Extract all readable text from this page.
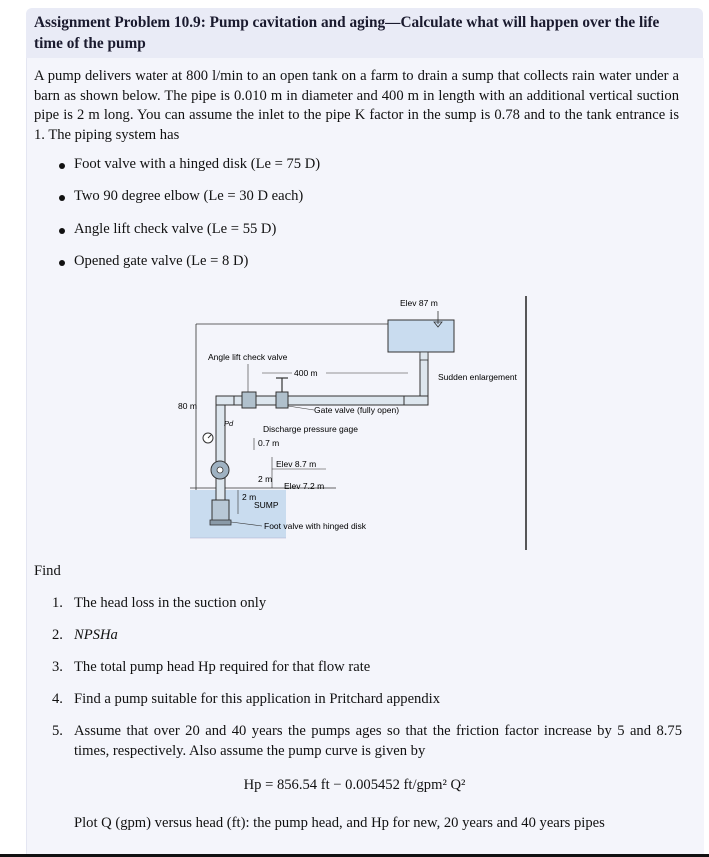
Assignment Problem 10.9: Pump cavitation and aging—Calculate what will happen over the life time of the pump
A pump delivers water at 800 l/min to an open tank on a farm to drain a sump that collects rain water under a barn as shown below. The pipe is 0.010 m in diameter and 400 m in length with an additional vertical suction pipe is 2 m long. You can assume the inlet to the pipe K factor in the sump is 0.78 and to the tank entrance is 1. The piping system has
Foot valve with a hinged disk (Le = 75 D)
Two 90 degree elbow (Le = 30 D each)
Angle lift check valve (Le = 55 D)
Opened gate valve (Le = 8 D)
Elev 87 m
80 m
Angle lift check valve
400 m	Sudden enlargement
Gate valve (fully open)
Pd
Discharge pressure gage
0.7 m
Elev 8.7 m
2 m
Elev 7.2 m
2 m
SUMP
Foot valve with hinged disk
Find
1. The head loss in the suction only
2. NPSHa
3. The total pump head Hp required for that flow rate
4. Find a pump suitable for this application in Pritchard appendix
5. Assume that over 20 and 40 years the pumps ages so that the friction factor increase by 5 and 8.75 times, respectively. Also assume the pump curve is given by
Hp = 856.54 ft − 0.005452 ft/gpm² Q²
Plot Q (gpm) versus head (ft): the pump head, and Hp for new, 20 years and 40 years pipes
